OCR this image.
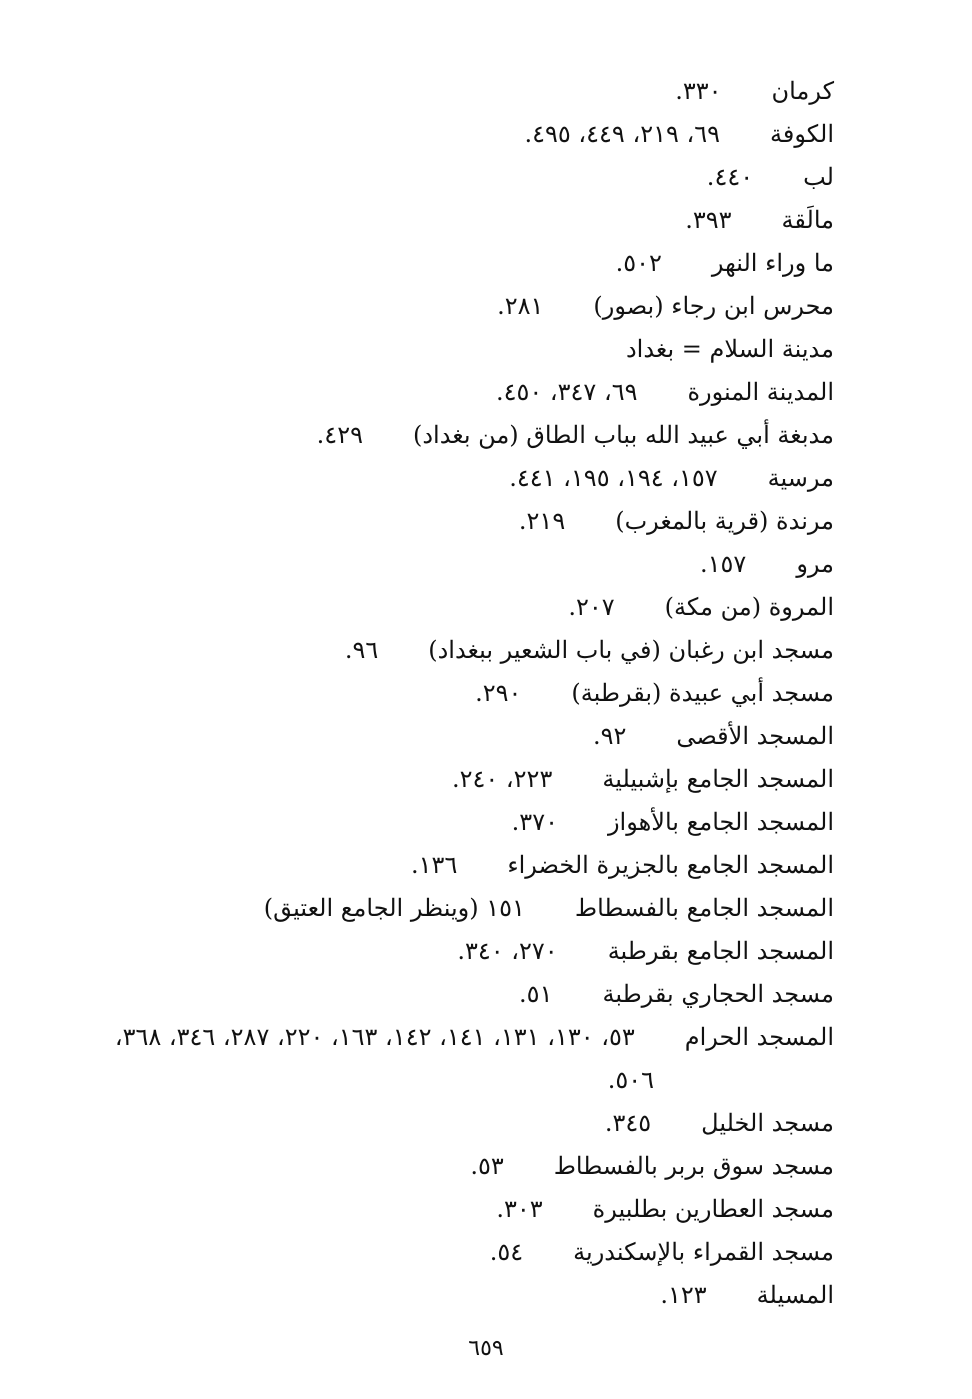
كرمان
٣٣٠.
الكوفة
٦٩، ٢١٩، ٤٤٩، ٤٩٥.
لب
٤٤٠.
مالَقة
٣٩٣.
ما وراء النهر
٥٠٢.
محرس ابن رجاء (بصور)
٢٨١.
مدينة السلام = بغداد
المدينة المنورة
٦٩، ٣٤٧، ٤٥٠.
مدبغة أبي عبيد الله بباب الطاق (من بغداد)
٤٢٩.
مرسية
١٥٧، ١٩٤، ١٩٥، ٤٤١.
مرندة (قرية بالمغرب)
٢١٩.
مرو
١٥٧.
المروة (من مكة)
٢٠٧.
مسجد ابن رغبان (في باب الشعير ببغداد)
٩٦.
مسجد أبي عبيدة (بقرطبة)
٢٩٠.
المسجد الأقصى
٩٢.
المسجد الجامع بإشبيلية
٢٢٣، ٢٤٠.
المسجد الجامع بالأهواز
٣٧٠.
المسجد الجامع بالجزيرة الخضراء
١٣٦.
المسجد الجامع بالفسطاط
١٥١ (وينظر الجامع العتيق)
المسجد الجامع بقرطبة
٢٧٠، ٣٤٠.
مسجد الحجاري بقرطبة
٥١.
المسجد الحرام
٥٣، ١٣٠، ١٣١، ١٤١، ١٤٢، ١٦٣، ٢٢٠، ٢٨٧، ٣٤٦، ٣٦٨،
٥٠٦.
مسجد الخليل
٣٤٥.
مسجد سوق بربر بالفسطاط
٥٣.
مسجد العطارين بطلبيرة
٣٠٣.
مسجد القمراء بالإسكندرية
٥٤.
المسيلة
١٢٣.
٦٥٩
